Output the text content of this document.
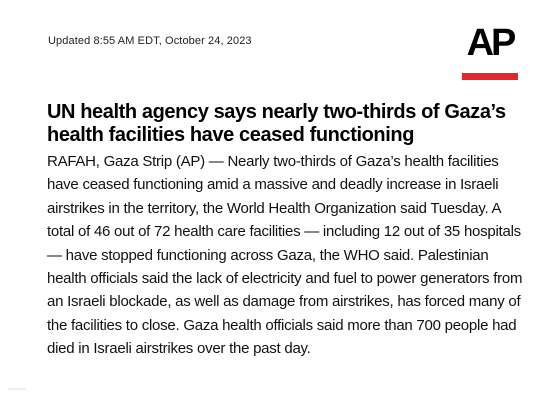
Updated 8:55 AM EDT, October 24, 2023	AP
UN health agency says nearly two-thirds of Gaza’s health facilities have ceased functioning

RAFAH, Gaza Strip (AP) — Nearly two-thirds of Gaza’s health facilities have ceased functioning amid a massive and deadly increase in Israeli airstrikes in the territory, the World Health Organization said Tuesday. A total of 46 out of 72 health care facilities — including 12 out of 35 hospitals — have stopped functioning across Gaza, the WHO said. Palestinian health officials said the lack of electricity and fuel to power generators from an Israeli blockade, as well as damage from airstrikes, has forced many of the facilities to close. Gaza health officials said more than 700 people had died in Israeli airstrikes over the past day.
